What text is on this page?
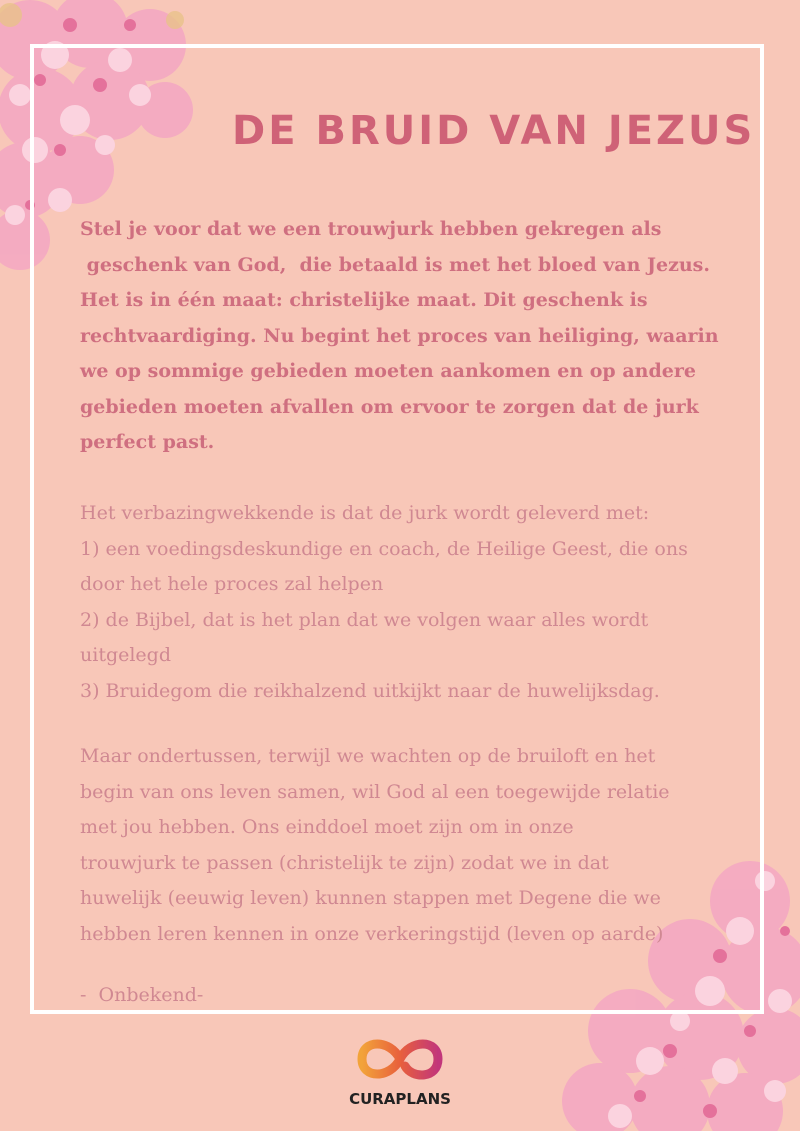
DE BRUID VAN JEZUS
Stel je voor dat we een trouwjurk hebben gekregen als
geschenk van God,  die betaald is met het bloed van Jezus.
Het is in één maat: christelijke maat. Dit geschenk is
rechtvaardiging. Nu begint het proces van heiliging, waarin
we op sommige gebieden moeten aankomen en op andere
gebieden moeten afvallen om ervoor te zorgen dat de jurk
perfect past.
Het verbazingwekkende is dat de jurk wordt geleverd met:
1) een voedingsdeskundige en coach, de Heilige Geest, die ons door het hele proces zal helpen
2) de Bijbel, dat is het plan dat we volgen waar alles wordt uitgelegd
3) Bruidegom die reikhalzend uitkijkt naar de huwelijksdag.
Maar ondertussen, terwijl we wachten op de bruiloft en het
begin van ons leven samen, wil God al een toegewijde relatie
met jou hebben. Ons einddoel moet zijn om in onze
trouwjurk te passen (christelijk te zijn) zodat we in dat
huwelijk (eeuwig leven) kunnen stappen met Degene die we
hebben leren kennen in onze verkeringstijd (leven op aarde)
-  Onbekend-
CURAPLANS
